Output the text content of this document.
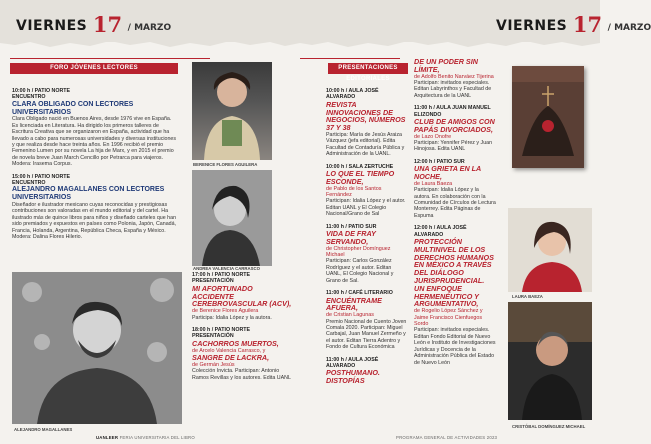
VIERNES 17 / MARZO
FORO JÓVENES LECTORES
10:00 h / PATIO NORTE
ENCUENTRO
CLARA OBLIGADO CON LECTORES UNIVERSITARIOS
Clara Obligado nació en Buenos Aires, desde 1976 vive en España. Es licenciada en Literatura. Ha dirigido los primeros talleres de Escritura Creativa que se organizaron en España, actividad que ha llevado a cabo para numerosas universidades y diversas instituciones y que realiza desde hace treinta años. En 1996 recibió el premio Femenino Lumen por su novela La hija de Marx, y en 2015 el premio de novela breve Juan March Cencillo por Petrarca para viajeros.
Modera: Irasema Corpus.
15:00 h / PATIO NORTE
ENCUENTRO
ALEJANDRO MAGALLANES CON LECTORES UNIVERSITARIOS
Diseñador e ilustrador mexicano cuyas reconocidas y prestigiosas contribuciones son valoradas en el mundo editorial y del cartel. Ha ilustrado más de quince libros para niños y diseñado carteles que han sido premiados y expuestos en países como Polonia, Japón, Canadá, Francia, Holanda, Argentina, República Checa, España y México.
Modera: Dalina Flores Hilerio.
17:00 h / PATIO NORTE
PRESENTACIÓN
MI AFORTUNADO ACCIDENTE CEREBROVASCULAR (ACV),
de Berenice Flores Aguilera
Participa: Idalia López y la autora.
18:00 h / PATIO NORTE
PRESENTACIÓN
CACHORROS MUERTOS,
de Arcelo Valencia Carrasco, y
SANGRE DE LACKRA,
de Germán Jesús
Colección Invicta. Participan: Antonio Ramos Revillas y los autores. Edita UANL
BERENICE FLORES AGUILERA
ANDREA VALENCIA CARRASCO
ALEJANDRO MAGALLANES
UANLEER FERIA UNIVERSITARIA DEL LIBRO
VIERNES 17 / MARZO
PRESENTACIONES EDITORIALES
10:00 h / AULA JOSÉ ALVARADO
REVISTA INNOVACIONES DE NEGOCIOS, NÚMEROS 37 Y 38
Participa: María de Jesús Araiza Vázquez (jefa editorial). Edita Facultad de Contaduría Pública y Administración de la UANL.
10:00 h / SALA ZERTUCHE
LO QUE EL TIEMPO ESCONDE,
de Pablo de los Santos Fernández
Participan: Idalia López y el autor. Editan UANL y El Colegio Nacional/Grano de Sal
11:00 h / PATIO SUR
VIDA DE FRAY SERVANDO,
de Christopher Domínguez Michael
Participan: Carlos González Rodríguez y el autor. Editan UANL, El Colegio Nacional y Grano de Sal.
11:00 h / CAFÉ LITERARIO
ENCUÉNTRAME AFUERA,
de Cristian Lagunas
Premio Nacional de Cuento Joven Comala 2020. Participan: Miguel Carbajal, Juan Manuel Zermeño y el autor. Editan Tierra Adentro y Fondo de Cultura Económica
11:00 h / AULA JOSÉ ALVARADO
POSTHUMANO. DISTOPÍAS
DE UN PODER SIN LÍMITE,
de Adolfo Benito Narváez Tijerina
Participan: invitados especiales. Editan Labyrinthos y Facultad de Arquitectura de la UANL
11:00 h / AULA JUAN MANUEL ELIZONDO
CLUB DE AMIGOS CON PAPÁS DIVORCIADOS,
de Lazo Onofre
Participan: Yennifer Pérez y Juan Hinojosa. Edita UANL
12:00 h / PATIO SUR
UNA GRIETA EN LA NOCHE,
de Laura Baeza
Participan: Idalia López y la autora. En colaboración con la Comunidad de Círculos de Lectura Monterrey. Edita Páginas de Espuma
12:00 h / AULA JOSÉ ALVARADO
PROTECCIÓN MULTINIVEL DE LOS DERECHOS HUMANOS EN MÉXICO A TRAVÉS DEL DIÁLOGO JURISPRUDENCIAL. UN ENFOQUE HERMENÉUTICO Y ARGUMENTATIVO,
de Rogelio López Sánchez y Jaime Francisco Cienfuegos Sordo
Participan: invitados especiales. Editan Fondo Editorial de Nuevo León e Instituto de Investigaciones Jurídicas y Docencia de la Administración Pública del Estado de Nuevo León
LAURA BAEZA
CRISTÓBAL DOMÍNGUEZ MICHAEL
PROGRAMA GENERAL DE ACTIVIDADES 2023
